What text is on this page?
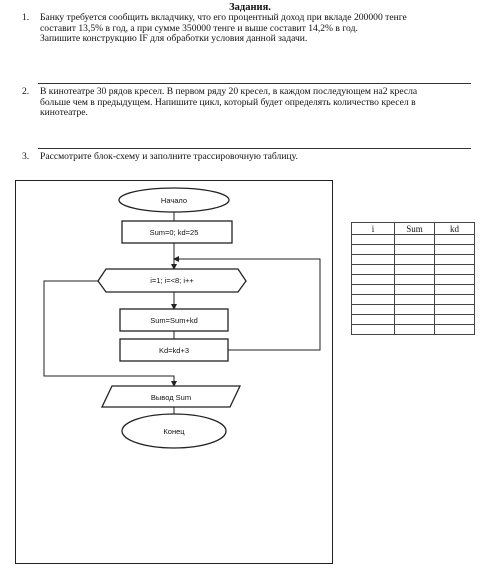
Задания.
1. Банку требуется сообщить вкладчику, что его процентный доход при вкладе 200000 тенге
составит 13,5% в год, а при сумме 350000 тенге и выше составит 14,2% в год.
Запишите конструкцию IF для обработки условия данной задачи.
2. В кинотеатре 30 рядов кресел. В первом ряду 20 кресел, в каждом последующем на2 кресла
больше чем в предыдущем. Напишите цикл, который будет определять количество кресел в
кинотеатре.
3. Рассмотрите блок-схему и заполните трассировочную таблицу.
Начало
Sum=0; kd=25
i=1; i=<8; i++
Sum=Sum+kd
Kd=kd+3
Вывод Sum
Конец
i	Sum	kd
